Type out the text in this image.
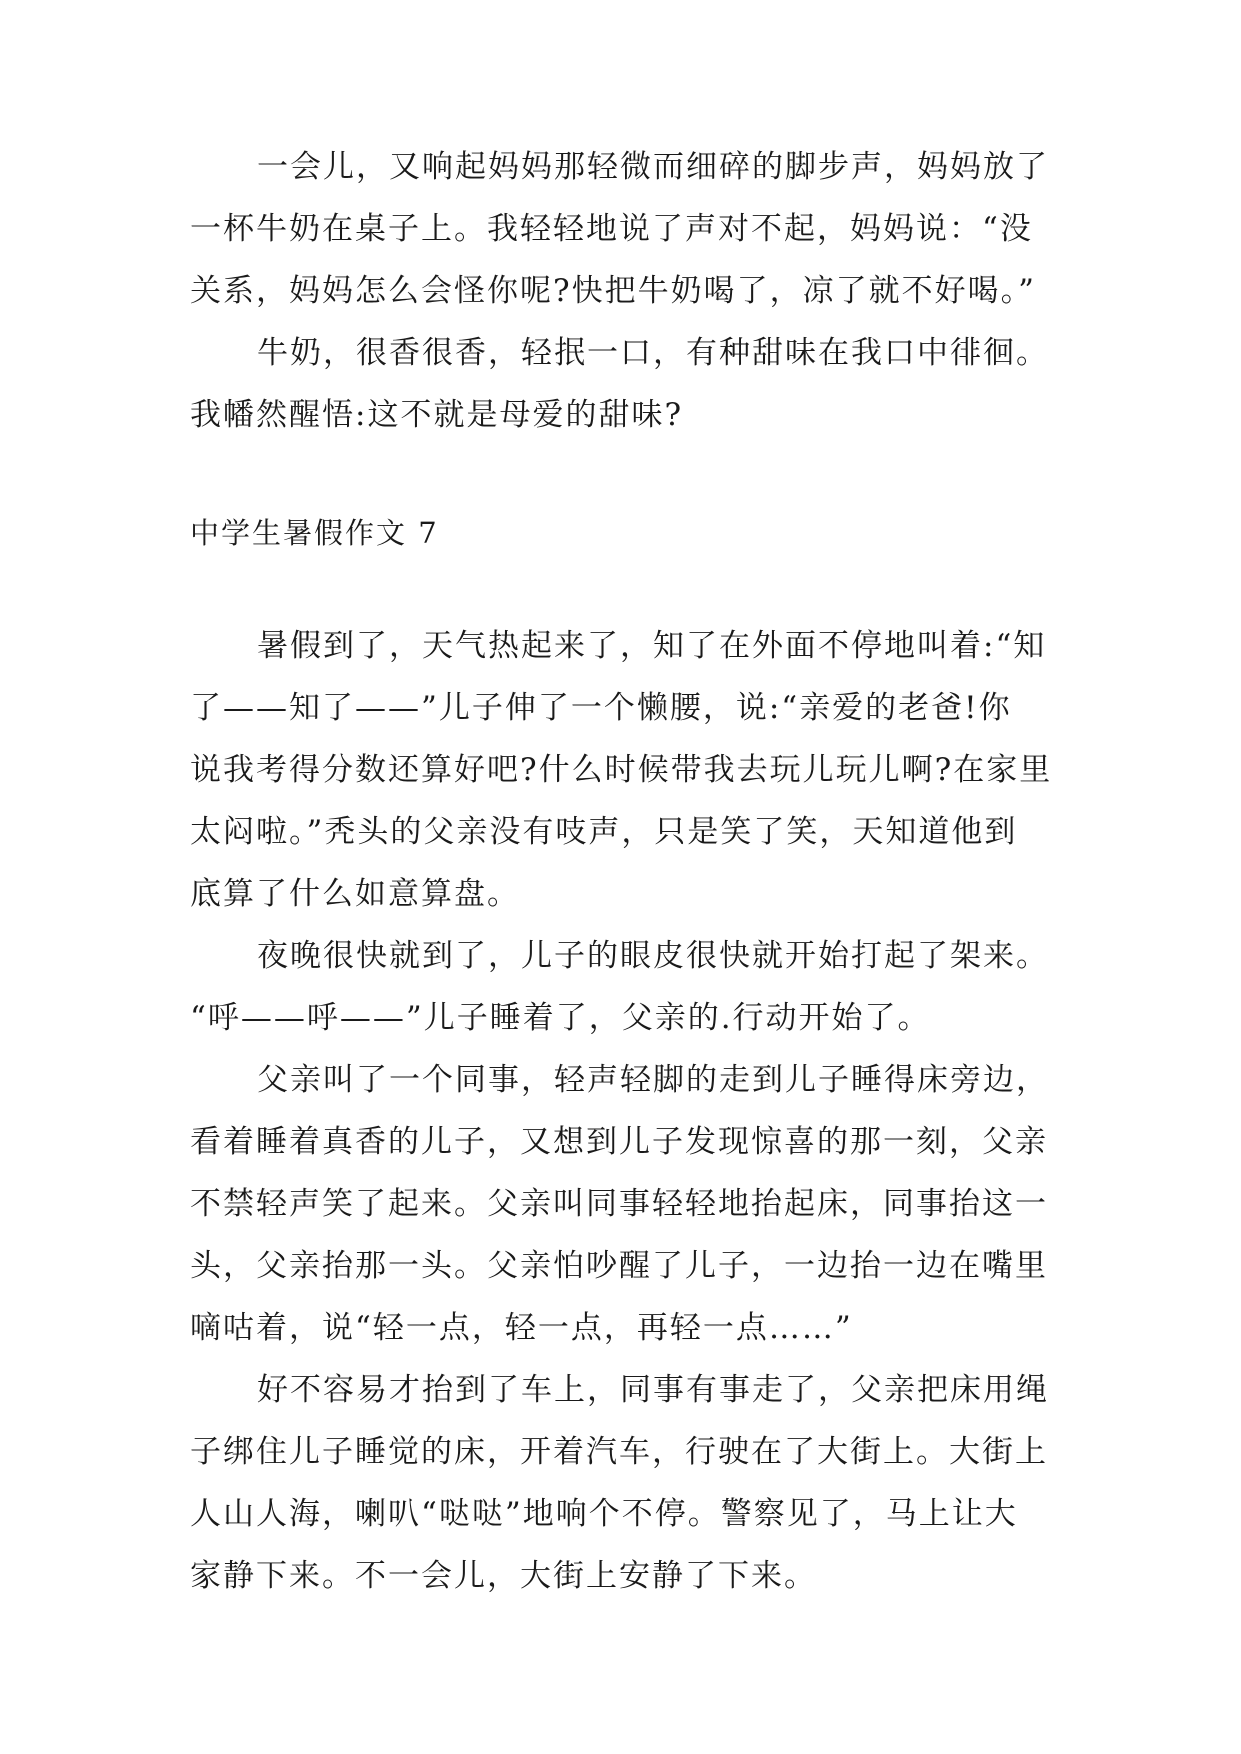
一会儿，又响起妈妈那轻微而细碎的脚步声，妈妈放了
一杯牛奶在桌子上。我轻轻地说了声对不起，妈妈说：“没
关系，妈妈怎么会怪你呢?快把牛奶喝了，凉了就不好喝。”
牛奶，很香很香，轻抿一口，有种甜味在我口中徘徊。
我幡然醒悟:这不就是母爱的甜味?
中学生暑假作文 7
暑假到了，天气热起来了，知了在外面不停地叫着:“知
了——知了——”儿子伸了一个懒腰，说:“亲爱的老爸!你
说我考得分数还算好吧?什么时候带我去玩儿玩儿啊?在家里
太闷啦。”秃头的父亲没有吱声，只是笑了笑，天知道他到
底算了什么如意算盘。
夜晚很快就到了，儿子的眼皮很快就开始打起了架来。
“呼——呼——”儿子睡着了，父亲的.行动开始了。
父亲叫了一个同事，轻声轻脚的走到儿子睡得床旁边，
看着睡着真香的儿子，又想到儿子发现惊喜的那一刻，父亲
不禁轻声笑了起来。父亲叫同事轻轻地抬起床，同事抬这一
头，父亲抬那一头。父亲怕吵醒了儿子，一边抬一边在嘴里
嘀咕着，说“轻一点，轻一点，再轻一点……”
好不容易才抬到了车上，同事有事走了，父亲把床用绳
子绑住儿子睡觉的床，开着汽车，行驶在了大街上。大街上
人山人海，喇叭“哒哒”地响个不停。警察见了，马上让大
家静下来。不一会儿，大街上安静了下来。
